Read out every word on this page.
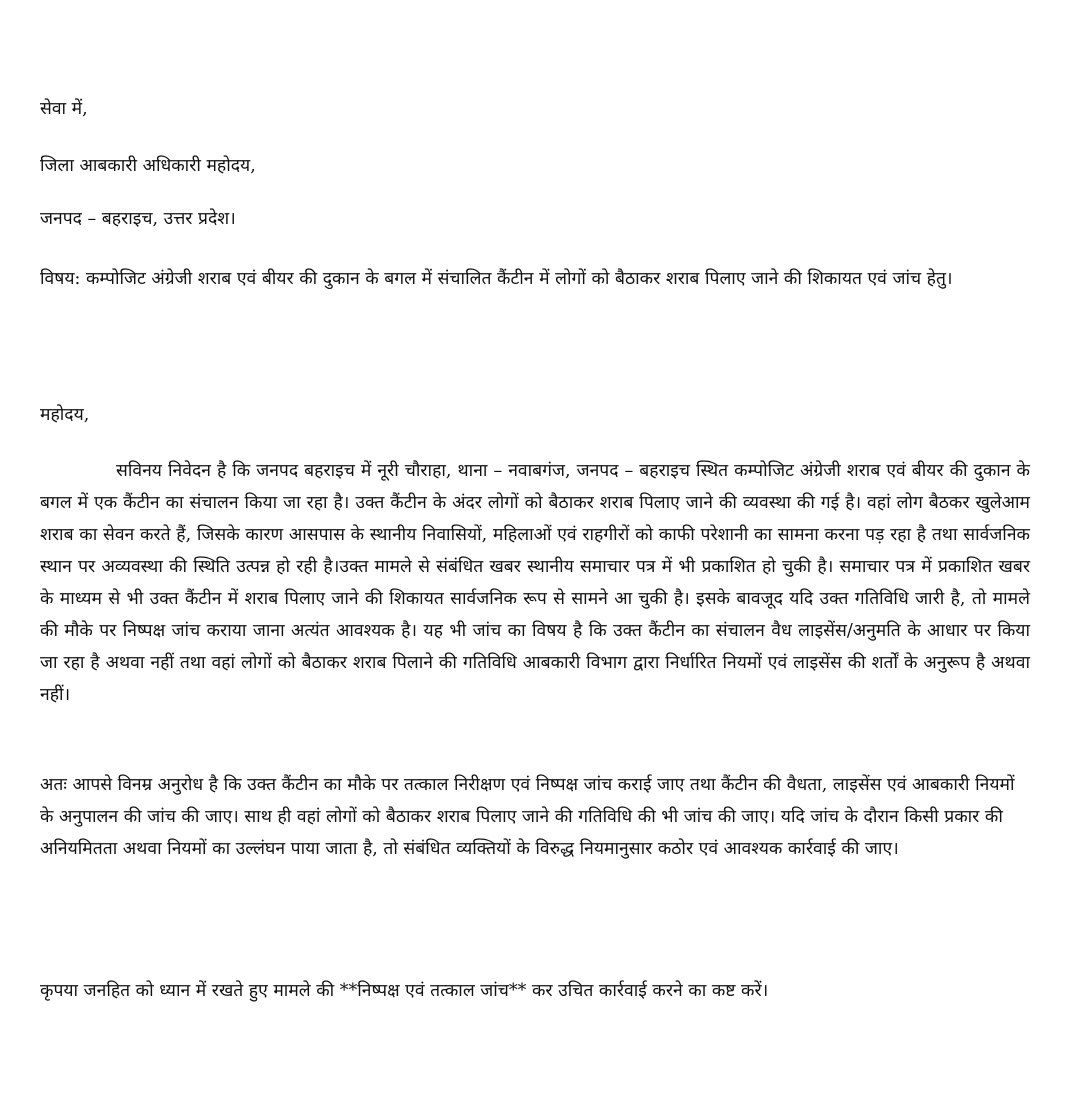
सेवा में,
जिला आबकारी अधिकारी महोदय,
जनपद – बहराइच, उत्तर प्रदेश।
विषय: कम्पोजिट अंग्रेजी शराब एवं बीयर की दुकान के बगल में संचालित कैंटीन में लोगों को बैठाकर शराब पिलाए जाने की शिकायत एवं जांच हेतु।
महोदय,
सविनय निवेदन है कि जनपद बहराइच में नूरी चौराहा, थाना – नवाबगंज, जनपद – बहराइच स्थित कम्पोजिट अंग्रेजी शराब एवं बीयर की दुकान के बगल में एक कैंटीन का संचालन किया जा रहा है। उक्त कैंटीन के अंदर लोगों को बैठाकर शराब पिलाए जाने की व्यवस्था की गई है। वहां लोग बैठकर खुलेआम शराब का सेवन करते हैं, जिसके कारण आसपास के स्थानीय निवासियों, महिलाओं एवं राहगीरों को काफी परेशानी का सामना करना पड़ रहा है तथा सार्वजनिक स्थान पर अव्यवस्था की स्थिति उत्पन्न हो रही है।उक्त मामले से संबंधित खबर स्थानीय समाचार पत्र में भी प्रकाशित हो चुकी है। समाचार पत्र में प्रकाशित खबर के माध्यम से भी उक्त कैंटीन में शराब पिलाए जाने की शिकायत सार्वजनिक रूप से सामने आ चुकी है। इसके बावजूद यदि उक्त गतिविधि जारी है, तो मामले की मौके पर निष्पक्ष जांच कराया जाना अत्यंत आवश्यक है। यह भी जांच का विषय है कि उक्त कैंटीन का संचालन वैध लाइसेंस/अनुमति के आधार पर किया जा रहा है अथवा नहीं तथा वहां लोगों को बैठाकर शराब पिलाने की गतिविधि आबकारी विभाग द्वारा निर्धारित नियमों एवं लाइसेंस की शर्तों के अनुरूप है अथवा नहीं।
अतः आपसे विनम्र अनुरोध है कि उक्त कैंटीन का मौके पर तत्काल निरीक्षण एवं निष्पक्ष जांच कराई जाए तथा कैंटीन की वैधता, लाइसेंस एवं आबकारी नियमों के अनुपालन की जांच की जाए। साथ ही वहां लोगों को बैठाकर शराब पिलाए जाने की गतिविधि की भी जांच की जाए। यदि जांच के दौरान किसी प्रकार की अनियमितता अथवा नियमों का उल्लंघन पाया जाता है, तो संबंधित व्यक्तियों के विरुद्ध नियमानुसार कठोर एवं आवश्यक कार्रवाई की जाए।
कृपया जनहित को ध्यान में रखते हुए मामले की **निष्पक्ष एवं तत्काल जांच** कर उचित कार्रवाई करने का कष्ट करें।
